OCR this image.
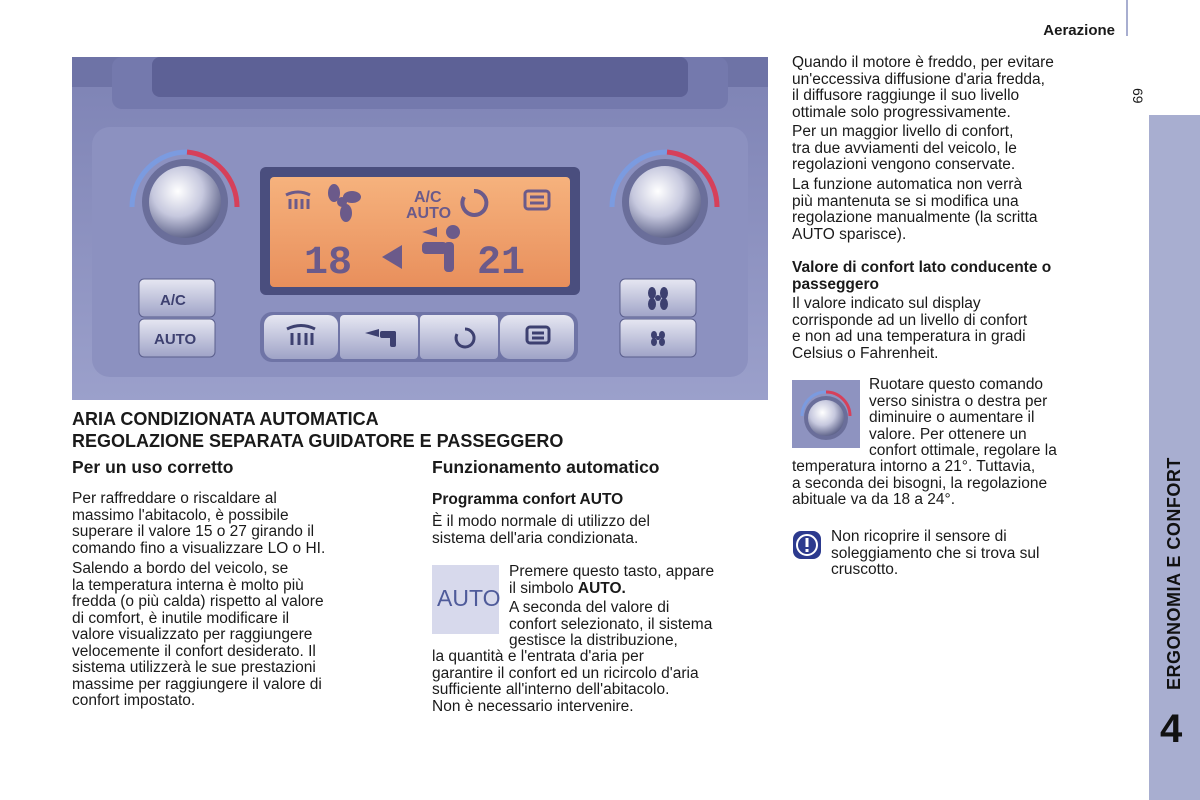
Aerazione
69
ERGONOMIA E CONFORT
4
A/C
AUTO
18	21
A/C
AUTO
ARIA CONDIZIONATA AUTOMATICA
REGOLAZIONE SEPARATA GUIDATORE E PASSEGGERO
Per un uso corretto
Per raffreddare o riscaldare al
massimo l'abitacolo, è possibile
superare il valore 15 o 27 girando il
comando fino a visualizzare LO o HI.
Salendo a bordo del veicolo, se
la temperatura interna è molto più
fredda (o più calda) rispetto al valore
di comfort, è inutile modificare il
valore visualizzato per raggiungere
velocemente il confort desiderato. Il
sistema utilizzerà le sue prestazioni
massime per raggiungere il valore di
confort impostato.
Funzionamento automatico
Programma confort AUTO
È il modo normale di utilizzo del
sistema dell'aria condizionata.
AUTO
Premere questo tasto, appare
il simbolo AUTO.
A seconda del valore di
confort selezionato, il sistema
gestisce la distribuzione,
la quantità e l'entrata d'aria per
garantire il confort ed un ricircolo d'aria
sufficiente all'interno dell'abitacolo.
Non è necessario intervenire.
Quando il motore è freddo, per evitare
un'eccessiva diffusione d'aria fredda,
il diffusore raggiunge il suo livello
ottimale solo progressivamente.
Per un maggior livello di confort,
tra due avviamenti del veicolo, le
regolazioni vengono conservate.
La funzione automatica non verrà
più mantenuta se si modifica una
regolazione manualmente (la scritta
AUTO sparisce).
Valore di confort lato conducente o
passeggero
Il valore indicato sul display
corrisponde ad un livello di confort
e non ad una temperatura in gradi
Celsius o Fahrenheit.
Ruotare questo comando
verso sinistra o destra per
diminuire o aumentare il
valore. Per ottenere un
confort ottimale, regolare la
temperatura intorno a 21°. Tuttavia,
a seconda dei bisogni, la regolazione
abituale va da 18 a 24°.
Non ricoprire il sensore di
soleggiamento che si trova sul
cruscotto.
